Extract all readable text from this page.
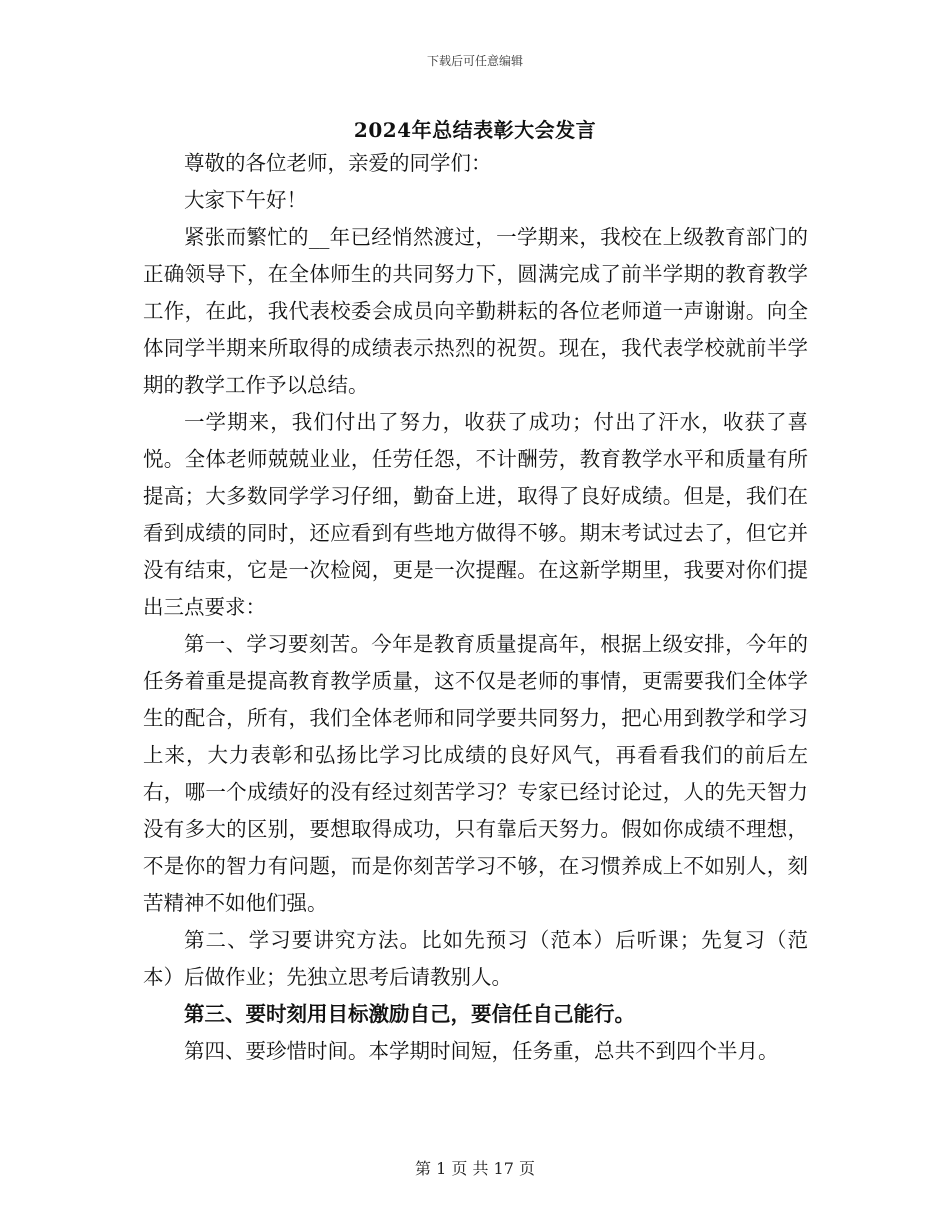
下载后可任意编辑
2024年总结表彰大会发言

尊敬的各位老师，亲爱的同学们：

大家下午好！

紧张而繁忙的__年已经悄然渡过，一学期来，我校在上级教育部门的正确领导下，在全体师生的共同努力下，圆满完成了前半学期的教育教学工作，在此，我代表校委会成员向辛勤耕耘的各位老师道一声谢谢。向全体同学半期来所取得的成绩表示热烈的祝贺。现在，我代表学校就前半学期的教学工作予以总结。

一学期来，我们付出了努力，收获了成功；付出了汗水，收获了喜悦。全体老师兢兢业业，任劳任怨，不计酬劳，教育教学水平和质量有所提高；大多数同学学习仔细，勤奋上进，取得了良好成绩。但是，我们在看到成绩的同时，还应看到有些地方做得不够。期末考试过去了，但它并没有结束，它是一次检阅，更是一次提醒。在这新学期里，我要对你们提出三点要求：

第一、学习要刻苦。今年是教育质量提高年，根据上级安排，今年的任务着重是提高教育教学质量，这不仅是老师的事情，更需要我们全体学生的配合，所有，我们全体老师和同学要共同努力，把心用到教学和学习上来，大力表彰和弘扬比学习比成绩的良好风气，再看看我们的前后左右，哪一个成绩好的没有经过刻苦学习？专家已经讨论过，人的先天智力没有多大的区别，要想取得成功，只有靠后天努力。假如你成绩不理想，不是你的智力有问题，而是你刻苦学习不够，在习惯养成上不如别人，刻苦精神不如他们强。

第二、学习要讲究方法。比如先预习（范本）后听课；先复习（范本）后做作业；先独立思考后请教别人。

第三、要时刻用目标激励自己，要信任自己能行。

第四、要珍惜时间。本学期时间短，任务重，总共不到四个半月。

第 1 页 共 17 页
